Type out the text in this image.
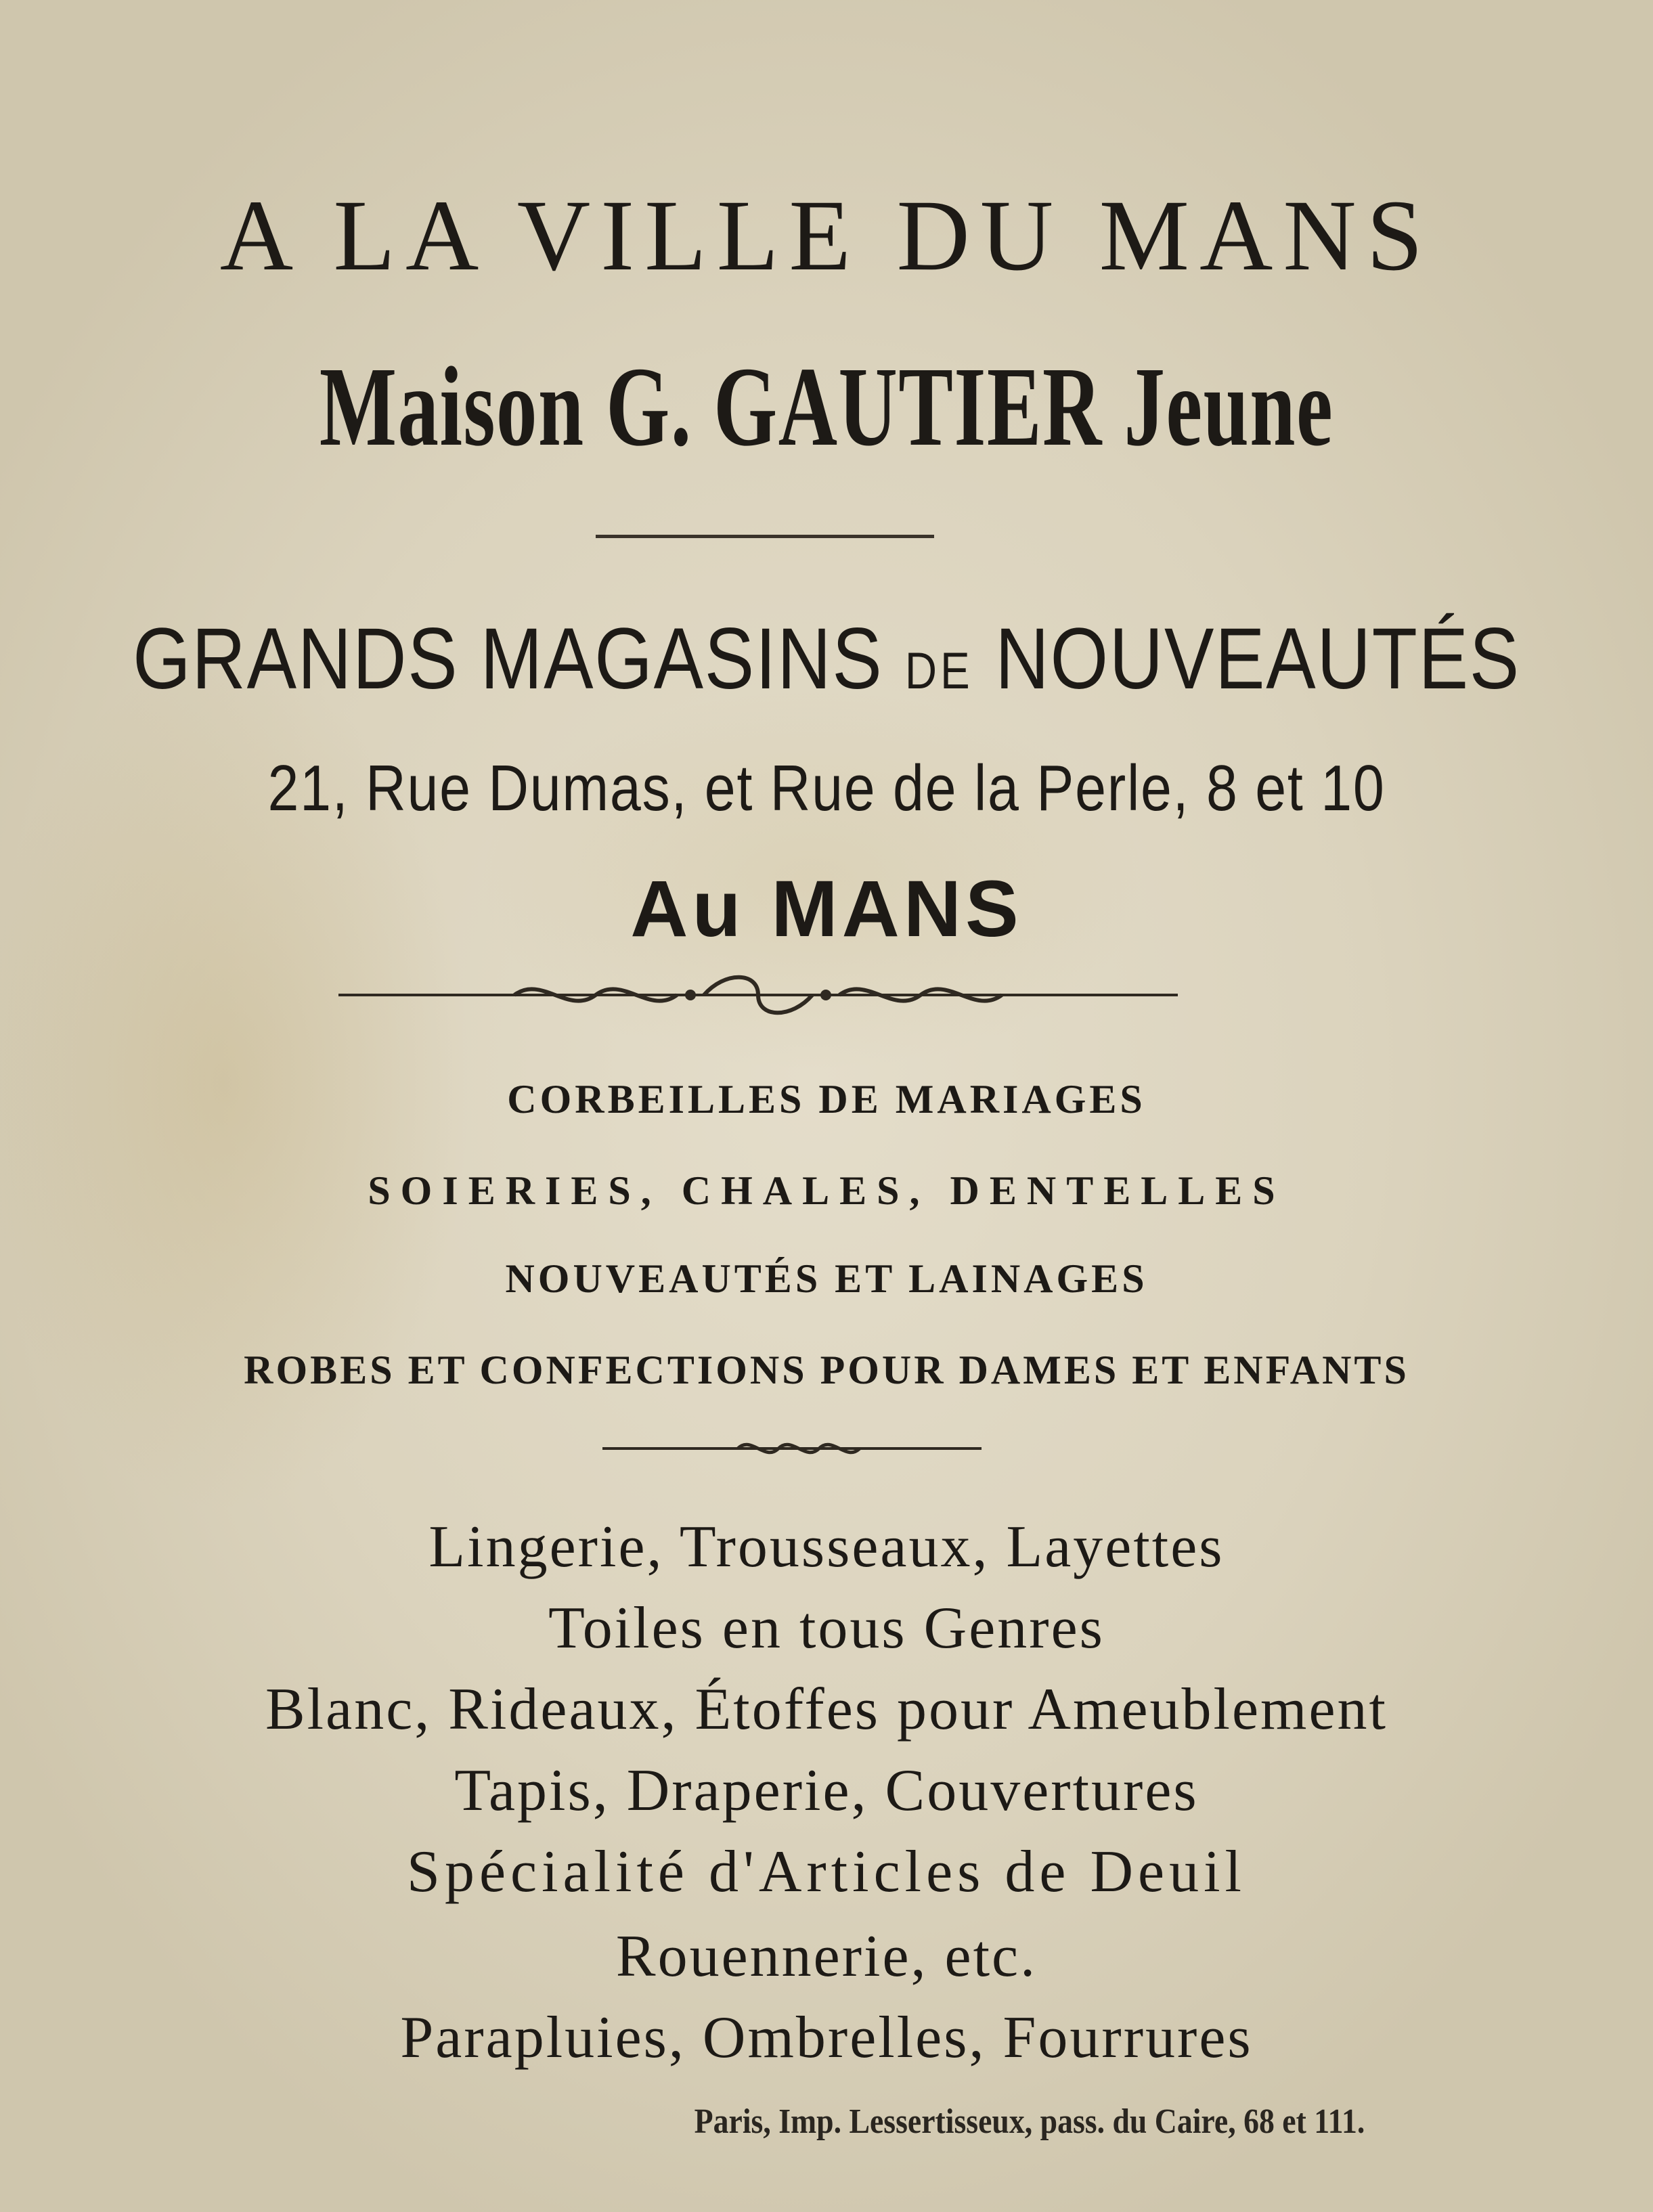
A LA VILLE DU MANS
Maison G. GAUTIER Jeune
GRANDS MAGASINS DE NOUVEAUTÉS
21, Rue Dumas, et Rue de la Perle, 8 et 10
Au MANS
CORBEILLES DE MARIAGES
SOIERIES, CHALES, DENTELLES
NOUVEAUTÉS ET LAINAGES
ROBES ET CONFECTIONS POUR DAMES ET ENFANTS
Lingerie, Trousseaux, Layettes
Toiles en tous Genres
Blanc, Rideaux, Étoffes pour Ameublement
Tapis, Draperie, Couvertures
Spécialité d'Articles de Deuil
Rouennerie, etc.
Parapluies, Ombrelles, Fourrures
Paris, Imp. Lessertisseux, pass. du Caire, 68 et 111.
